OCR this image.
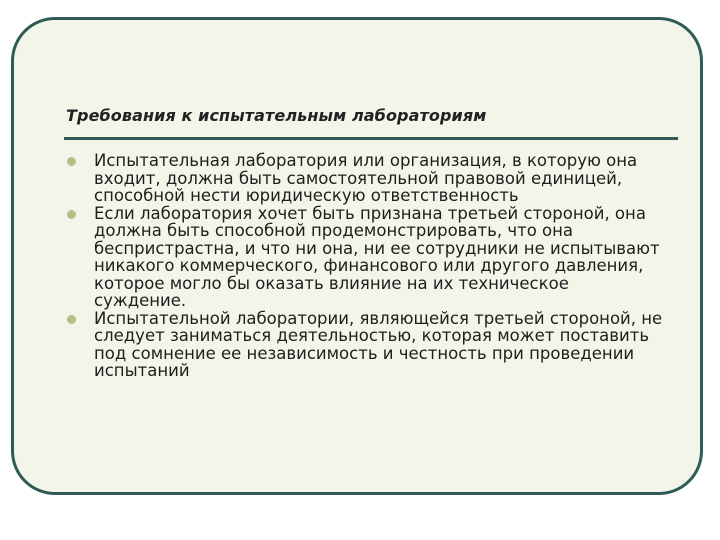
Требования к испытательным лабораториям
Испытательная лаборатория или организация, в которую она входит, должна быть самостоятельной правовой единицей, способной нести юридическую ответственность
Если лаборатория хочет быть признана третьей стороной, она должна быть способной продемонстрировать, что она беспристрастна, и что ни она, ни ее сотрудники не испытывают никакого коммерческого, финансового или другого давления, которое могло бы оказать влияние на их техническое суждение.
Испытательной лаборатории, являющейся третьей стороной, не следует заниматься деятельностью, которая может поставить под сомнение ее независимость и честность при проведении испытаний
